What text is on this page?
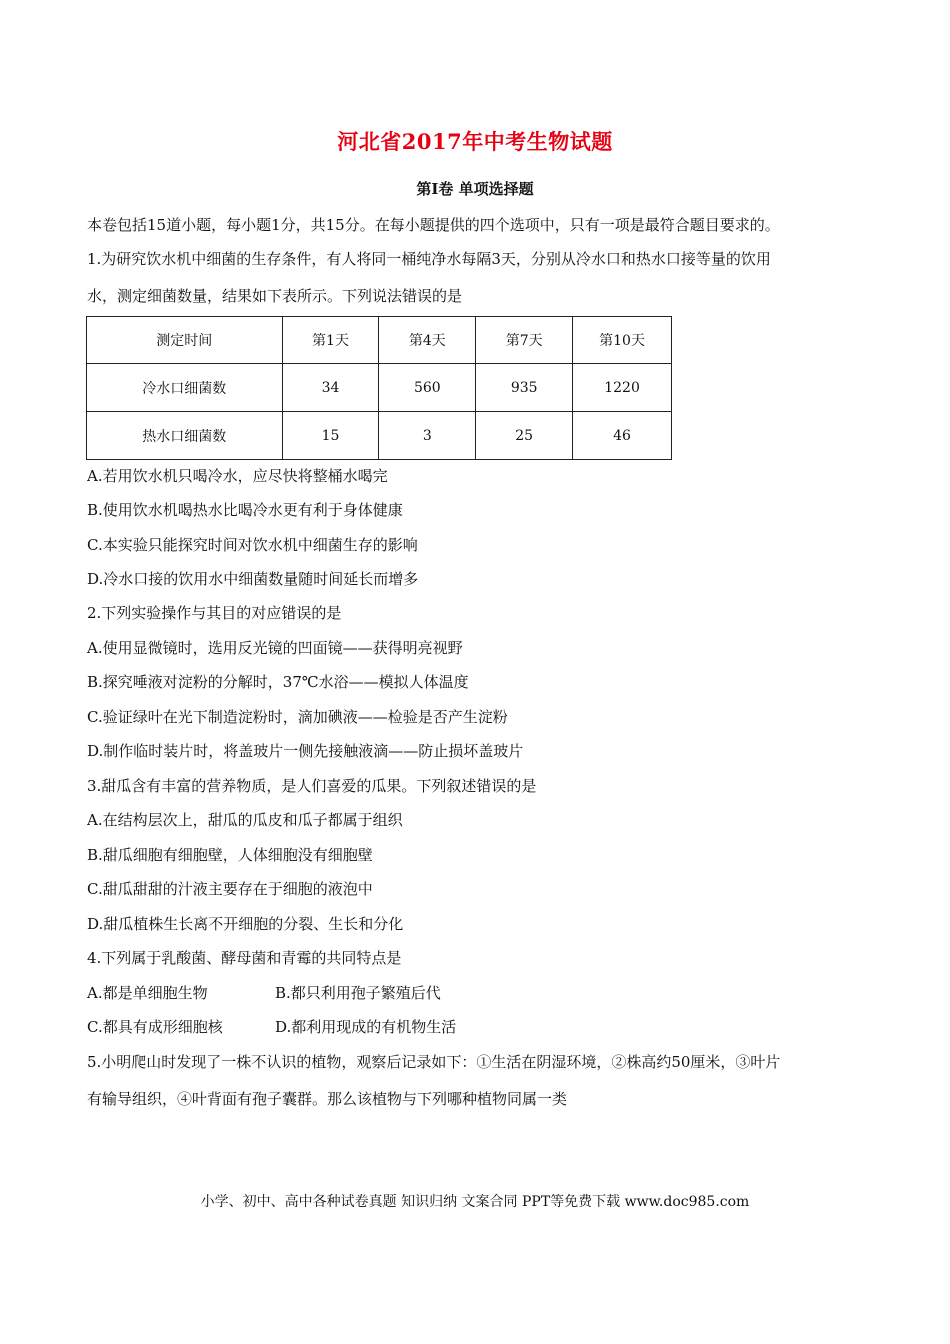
河北省2017年中考生物试题
第Ⅰ卷 单项选择题
本卷包括15道小题，每小题1分，共15分。在每小题提供的四个选项中，只有一项是最符合题目要求的。
1.为研究饮水机中细菌的生存条件，有人将同一桶纯净水每隔3天，分别从冷水口和热水口接等量的饮用
水，测定细菌数量，结果如下表所示。下列说法错误的是
测定时间	第1天	第4天	第7天	第10天
冷水口细菌数	34	560	935	1220
热水口细菌数	15	3	25	46
A.若用饮水机只喝冷水，应尽快将整桶水喝完
B.使用饮水机喝热水比喝冷水更有利于身体健康
C.本实验只能探究时间对饮水机中细菌生存的影响
D.冷水口接的饮用水中细菌数量随时间延长而增多
2.下列实验操作与其目的对应错误的是
A.使用显微镜时，选用反光镜的凹面镜——获得明亮视野
B.探究唾液对淀粉的分解时，37℃水浴——模拟人体温度
C.验证绿叶在光下制造淀粉时，滴加碘液——检验是否产生淀粉
D.制作临时装片时，将盖玻片一侧先接触液滴——防止损坏盖玻片
3.甜瓜含有丰富的营养物质，是人们喜爱的瓜果。下列叙述错误的是
A.在结构层次上，甜瓜的瓜皮和瓜子都属于组织
B.甜瓜细胞有细胞壁，人体细胞没有细胞壁
C.甜瓜甜甜的汁液主要存在于细胞的液泡中
D.甜瓜植株生长离不开细胞的分裂、生长和分化
4.下列属于乳酸菌、酵母菌和青霉的共同特点是
A.都是单细胞生物	B.都只利用孢子繁殖后代
C.都具有成形细胞核	D.都利用现成的有机物生活
5.小明爬山时发现了一株不认识的植物，观察后记录如下：①生活在阴湿环境，②株高约50厘米，③叶片
有输导组织，④叶背面有孢子囊群。那么该植物与下列哪种植物同属一类
小学、初中、高中各种试卷真题 知识归纳 文案合同 PPT等免费下载 www.doc985.com
